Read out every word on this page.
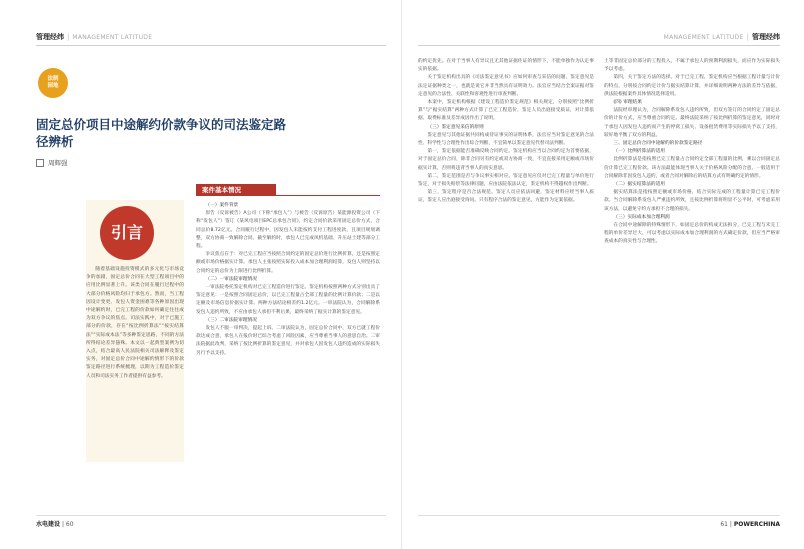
管理经纬 | MANAGEMENT LATITUDE
法制
园地
固定总价项目中途解约价款争议的司法鉴定路径辨析
周辉强
案件基本情况
引言

随着基础设施投资模式的多元化与市场竞争的加剧，固定总价合同在大型工程项目中的应用比例显著上升。该类合同在履行过程中的大部分价格风险均归于承包方。然而，当工程因设计变更、发包人资金困难等各种原因出现中途解约时，已完工程的价款如何确定往往成为双方争议的焦点。司法实践中，对于已施工部分的价款，存在“按比例折算法”“按实结算法”“实际成本法”等多种鉴定思路，不同的方法所得结论差异悬殊。本文以一起典型案例为切入点，结合最高人民法院相关司法解释及鉴定实务，对固定总价合同中途解约情形下的价款鉴定路径进行系统梳理，以期为工程造价鉴定人员和司法实务工作者提供有益参考。

（一）案件背景

原告（反诉被告）A公司（下称“承包人”）与被告（反诉原告）某能源投资公司（下称“发包人”）签订《某风电项目EPC总承包合同》，约定合同价款采用固定总价方式，合同总价8.72亿元。合同履行过程中，因发包人未能按约支付工程进度款，且项目规划调整，双方协商一致解除合同。截至解约时，承包人已完成风机基础、升压站土建等部分工程。

争议焦点在于：对已完工程应当按照合同约定的固定总价进行比例折算，还是按照定额或市场价格据实计算。承包人主张按照实际投入成本加合理利润结算，发包人则坚持以合同约定的总价为上限进行比例折算。

（二）一审法院审理情况

一审法院委托鉴定机构对已完工程造价进行鉴定。鉴定机构按照两种方式分别出具了鉴定意见：一是按照合同固定总价，以已完工程量占全部工程量的比例计算价款；二是以定额及市场信息价据实计算。两种方法结论相差约1.2亿元。一审法院认为，合同解除系发包人违约所致，不应由承包人承担不利后果，最终采纳了据实计算的鉴定意见。

（三）二审法院审理情况

发包人不服一审判决，提起上诉。二审法院认为，固定总价合同中，双方已就工程价款达成合意，承包人在报价时已综合考虑了风险因素，应当尊重当事人的意思自治。二审法院据此改判，采纳了按比例折算的鉴定意见，并对承包人因发包人违约造成的实际损失另行予以支持。

水电建设 | 60
MANAGEMENT LATITUDE | 管理经纬

的约定优先。在对于当事人有异议且无其他证据佐证的情形下，不能单独作为认定事实的依据。

关于鉴定机构出具的《司法鉴定意见书》应如何审查与采信的问题，鉴定意见是法定证据种类之一，也就是说它并非当然具有证明效力。法官应当结合全案证据对鉴定意见的合法性、关联性和客观性进行审查判断。

本案中，鉴定机构根据《建设工程造价鉴定规范》相关规定，分别按照“比例折算”与“据实结算”两种方式计算了已完工程造价，鉴定人员出庭接受质证，对计算依据、取费标准及差异成因作出了说明。

（三）鉴定意见采信的原则

鉴定意见与其他证据共同构成待证事实的证明体系，法官应当对鉴定意见的合法性、科学性与合理性作出综合判断，不宜简单以鉴定意见代替司法判断。

第一，鉴定依据能否准确反映合同约定。鉴定机构应当以合同约定为首要依据，对于固定总价合同，除非合同另有约定或双方协商一致，不宜直接采用定额或市场价据实计算，否则将违背当事人的真实意思。

第二，鉴定范围是否与争议事实相对应。鉴定意见应仅对已完工程量与单价进行鉴定，对于损失赔偿等法律问题，应由法院依法认定，鉴定机构不得越权作出判断。

第三，鉴定程序是否合法规范。鉴定人员应依法回避，鉴定材料应经当事人质证，鉴定人应出庭接受询问。只有程序合法的鉴定意见，方能作为定案依据。

土等非固定总价部分的工程投入，不属于承包人的预期利润损失，而应作为实际损失予以考虑。

第四，关于鉴定方法的选择。对于已完工程，鉴定机构应当根据工程计量与计价的特点，分别按合同约定计价与据实结算计算，并详细说明两种方法的差异与依据，供法院根据案件具体情况选择适用。

(四) 审理结果

法院经审理认为，合同解除系发包人违约所致，但双方签订的合同约定了固定总价的计价方式，应当尊重合同约定。最终法院采纳了按比例折算的鉴定意见，同时对于承包人因发包人违约而产生的停窝工损失、设备租赁费用等实际损失予以了支持，较好地平衡了双方的利益。

三、固定总价合同中途解约的价款鉴定路径

（一）比例折算法的适用

比例折算法是指按照已完工程量占合同约定全部工程量的比例，乘以合同固定总价计算已完工程价款。该方法最能体现当事人关于价格风险分配的合意，一般适用于合同解除非因发包人违约，或者合同对解除后的结算方式有明确约定的情形。

（二）据实结算法的适用

据实结算法是指按照定额或市场价格，结合实际完成的工程量计算已完工程价款。当合同解除系发包人严重违约所致，且按比例折算将明显不公平时，可考虑采用该方法，以避免守约方承担不合理的损失。

（三）实际成本加合理利润

在合同中途解除的特殊情形下，如固定总价的构成无法拆分，已完工程与未完工程的单价差异过大，可以考虑以实际成本加合理利润的方式确定价款，但应当严格审查成本的真实性与合理性。

61 | POWERCHINA
